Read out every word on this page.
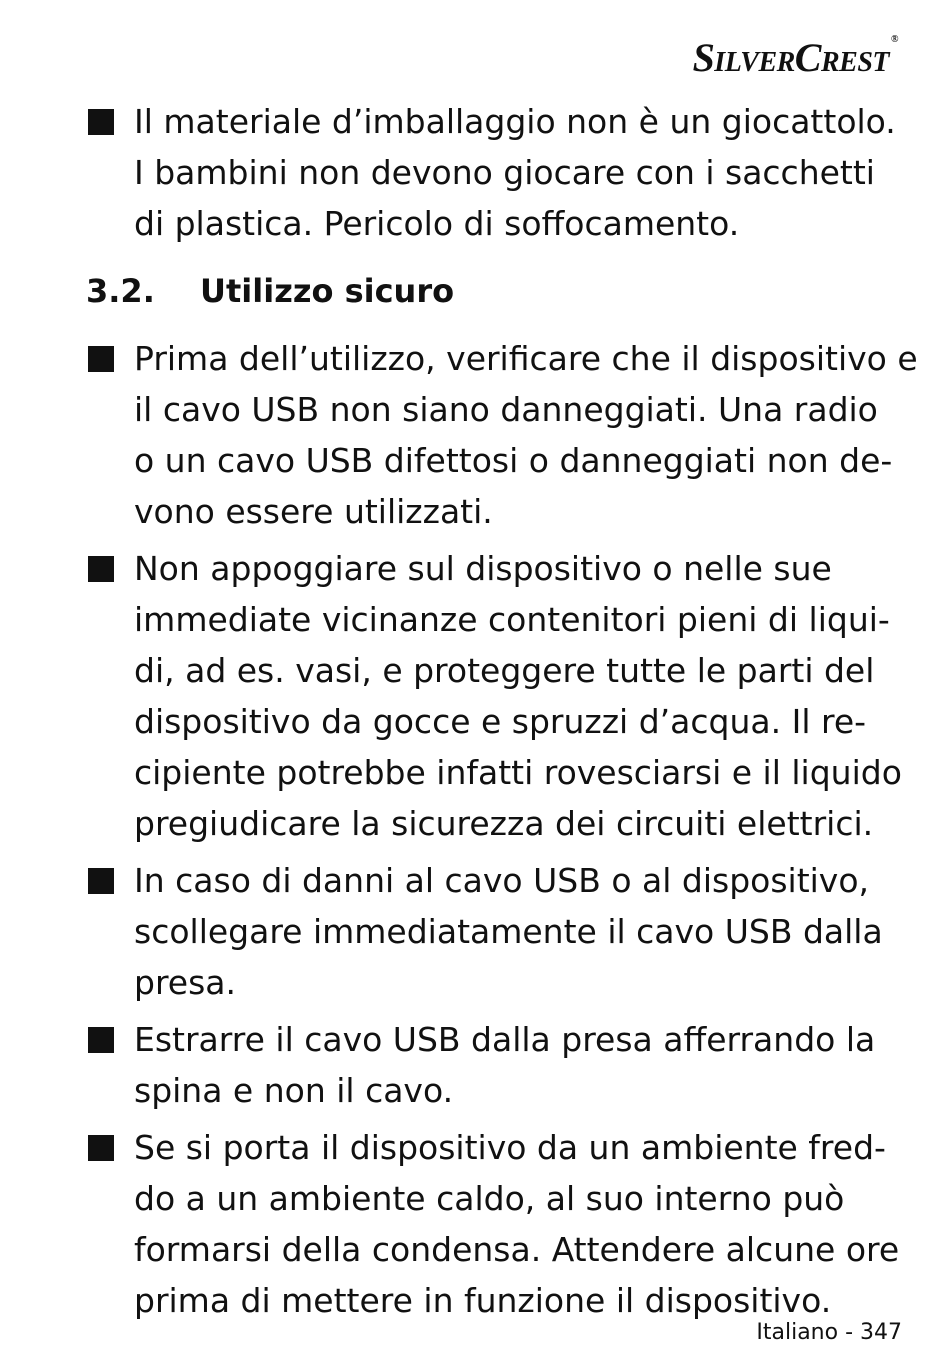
SilverCrest ®
Il materiale d’imballaggio non è un giocattolo.
I bambini non devono giocare con i sacchetti
di plastica. Pericolo di soffocamento.
3.2.	Utilizzo sicuro
Prima dell’utilizzo, verificare che il dispositivo e
il cavo USB non siano danneggiati. Una radio
o un cavo USB difettosi o danneggiati non de-
vono essere utilizzati.
Non appoggiare sul dispositivo o nelle sue
immediate vicinanze contenitori pieni di liqui-
di, ad es. vasi, e proteggere tutte le parti del
dispositivo da gocce e spruzzi d’acqua. Il re-
cipiente potrebbe infatti rovesciarsi e il liquido
pregiudicare la sicurezza dei circuiti elettrici.
In caso di danni al cavo USB o al dispositivo,
scollegare immediatamente il cavo USB dalla
presa.
Estrarre il cavo USB dalla presa afferrando la
spina e non il cavo.
Se si porta il dispositivo da un ambiente fred-
do a un ambiente caldo, al suo interno può
formarsi della condensa. Attendere alcune ore
prima di mettere in funzione il dispositivo.
Italiano - 347
